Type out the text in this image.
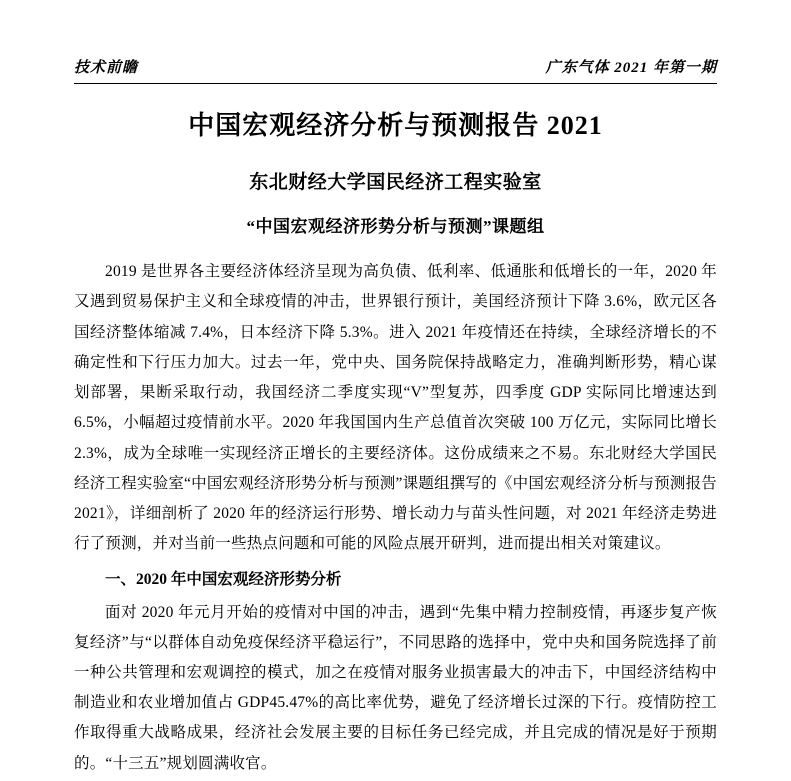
技术前瞻	广东气体 2021 年第一期
中国宏观经济分析与预测报告 2021
东北财经大学国民经济工程实验室
“中国宏观经济形势分析与预测”课题组

2019 是世界各主要经济体经济呈现为高负债、低利率、低通胀和低增长的一年，2020 年又遇到贸易保护主义和全球疫情的冲击，世界银行预计，美国经济预计下降 3.6%，欧元区各国经济整体缩减 7.4%，日本经济下降 5.3%。进入 2021 年疫情还在持续，全球经济增长的不确定性和下行压力加大。过去一年，党中央、国务院保持战略定力，准确判断形势，精心谋划部署，果断采取行动，我国经济二季度实现“V”型复苏，四季度 GDP 实际同比增速达到 6.5%，小幅超过疫情前水平。2020 年我国国内生产总值首次突破 100 万亿元，实际同比增长 2.3%，成为全球唯一实现经济正增长的主要经济体。这份成绩来之不易。东北财经大学国民经济工程实验室“中国宏观经济形势分析与预测”课题组撰写的《中国宏观经济分析与预测报告 2021》，详细剖析了 2020 年的经济运行形势、增长动力与苗头性问题，对 2021 年经济走势进行了预测，并对当前一些热点问题和可能的风险点展开研判，进而提出相关对策建议。

一、2020 年中国宏观经济形势分析

面对 2020 年元月开始的疫情对中国的冲击，遇到“先集中精力控制疫情，再逐步复产恢复经济”与“以群体自动免疫保经济平稳运行”，不同思路的选择中，党中央和国务院选择了前一种公共管理和宏观调控的模式，加之在疫情对服务业损害最大的冲击下，中国经济结构中制造业和农业增加值占 GDP45.47%的高比率优势，避免了经济增长过深的下行。疫情防控工作取得重大战略成果，经济社会发展主要的目标任务已经完成，并且完成的情况是好于预期的。“十三五”规划圆满收官。
